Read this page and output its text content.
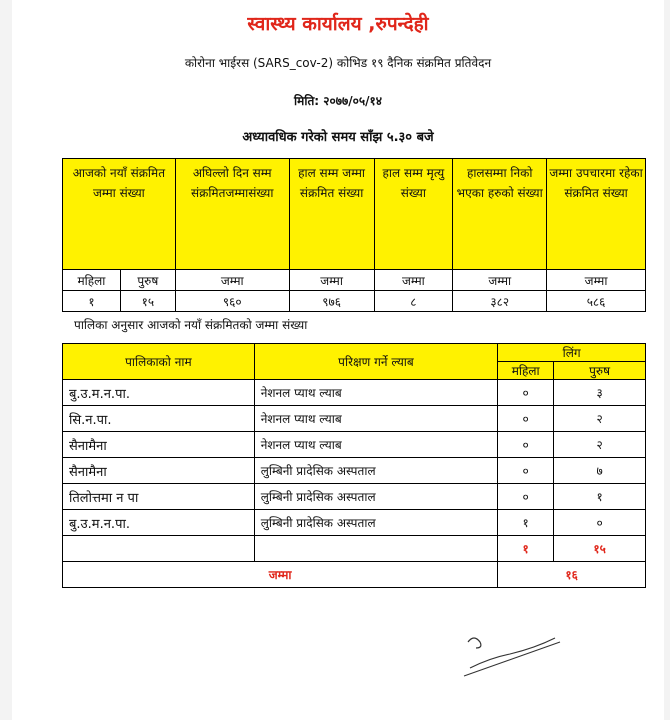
स्वास्थ्य कार्यालय ,रुपन्देही
कोरोना भाईरस (SARS_cov-2) कोभिड १९ दैनिक संक्रमित प्रतिवेदन
मिति: २०७७/०५/१४
अध्यावधिक गरेको समय साँझ ५.३० बजे
आजको नयाँ संक्रमित जम्मा संख्या		अघिल्लो दिन सम्म संक्रमितजम्मासंख्या	हाल सम्म जम्मा संक्रमित संख्या	हाल सम्म मृत्यु संख्या	हालसम्मा निको भएका हरुको संख्या	जम्मा उपचारमा रहेका संक्रमित संख्या
महिला	पुरुष	जम्मा	जम्मा	जम्मा	जम्मा	जम्मा
१	१५	९६०	९७६	८	३८२	५८६
पालिका अनुसार आजको नयाँ संक्रमितको जम्मा संख्या
पालिकाको नाम	परिक्षण गर्ने ल्याब	लिंग	
		महिला	पुरुष
बु.उ.म.न.पा.	नेशनल प्याथ ल्याब	०	३
सि.न.पा.	नेशनल प्याथ ल्याब	०	२
सैनामैना	नेशनल प्याथ ल्याब	०	२
सैनामैना	लुम्बिनी प्रादेसिक अस्पताल	०	७
तिलोत्तमा न पा	लुम्बिनी प्रादेसिक अस्पताल	०	१
बु.उ.म.न.पा.	लुम्बिनी प्रादेसिक अस्पताल	१	०
		१	१५
जम्मा		१६	
